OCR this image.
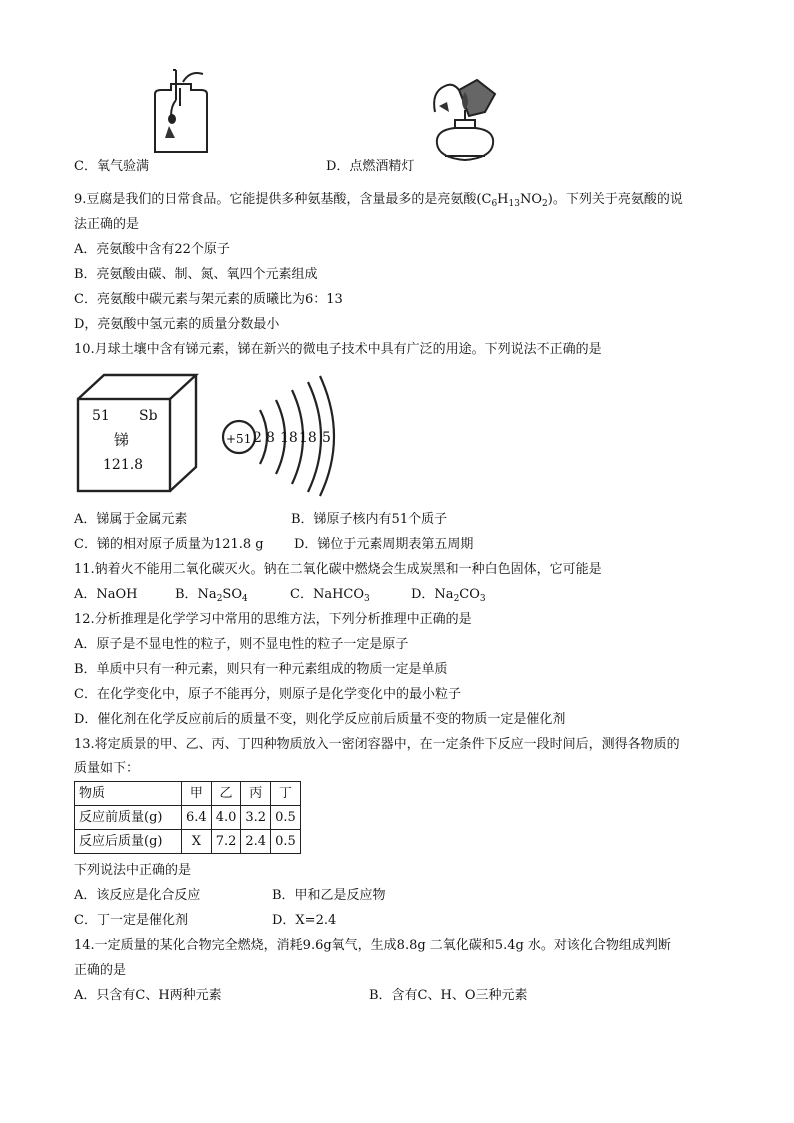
C．氧气验满	D．点燃酒精灯
9.豆腐是我们的日常食品。它能提供多种氨基酸，含量最多的是亮氨酸$(C_6H_{13}NO_2)$。下列关于亮氨酸的说
法正确的是
A．亮氨酸中含有22个原子
B．亮氨酸由碳、制、氮、氧四个元素组成
C．亮氨酸中碳元素与架元素的质曦比为6：13
D，亮氨酸中氢元素的质量分数最小
10.月球土壤中含有锑元素，锑在新兴的微电子技术中具有广泛的用途。下列说法不正确的是
51 Sb
锑
121.8
+51 2 8 18 18 5
A．锑属于金属元素	B．锑原子核内有51个质子
C．锑的相对原子质量为121.8 g D．锑位于元素周期表第五周期
11.钠着火不能用二氧化碳灭火。钠在二氧化碳中燃烧会生成炭黑和一种白色固体，它可能是
A．NaOH	B．$Na_2SO_4$	C．NaHCO$_3$	D．$Na_2CO_3$
12.分析推理是化学学习中常用的思维方法，下列分析推理中正确的是
A．原子是不显电性的粒子，则不显电性的粒子一定是原子
B．单质中只有一种元素，则只有一种元素组成的物质一定是单质
C．在化学变化中，原子不能再分，则原子是化学变化中的最小粒子
D．催化剂在化学反应前后的质量不变，则化学反应前后质量不变的物质一定是催化剂
13.将定质景的甲、乙、丙、丁四种物质放入一密闭容器中，在一定条件下反应一段时间后，测得各物质的
质量如下：
物质	甲	乙	丙	丁
反应前质量(g)	6.4	4.0	3.2	0.5
反应后质量(g)	X	7.2	2.4	0.5
下列说法中正确的是
A．该反应是化合反应	B．甲和乙是反应物
C．丁一定是催化剂	D．X=2.4
14.一定质量的某化合物完全燃烧，消耗9.6g氧气，生成8.8g 二氧化碳和5.4g 水。对该化合物组成判断
正确的是
A．只含有C、H两种元素	B．含有C、H、O三种元素
